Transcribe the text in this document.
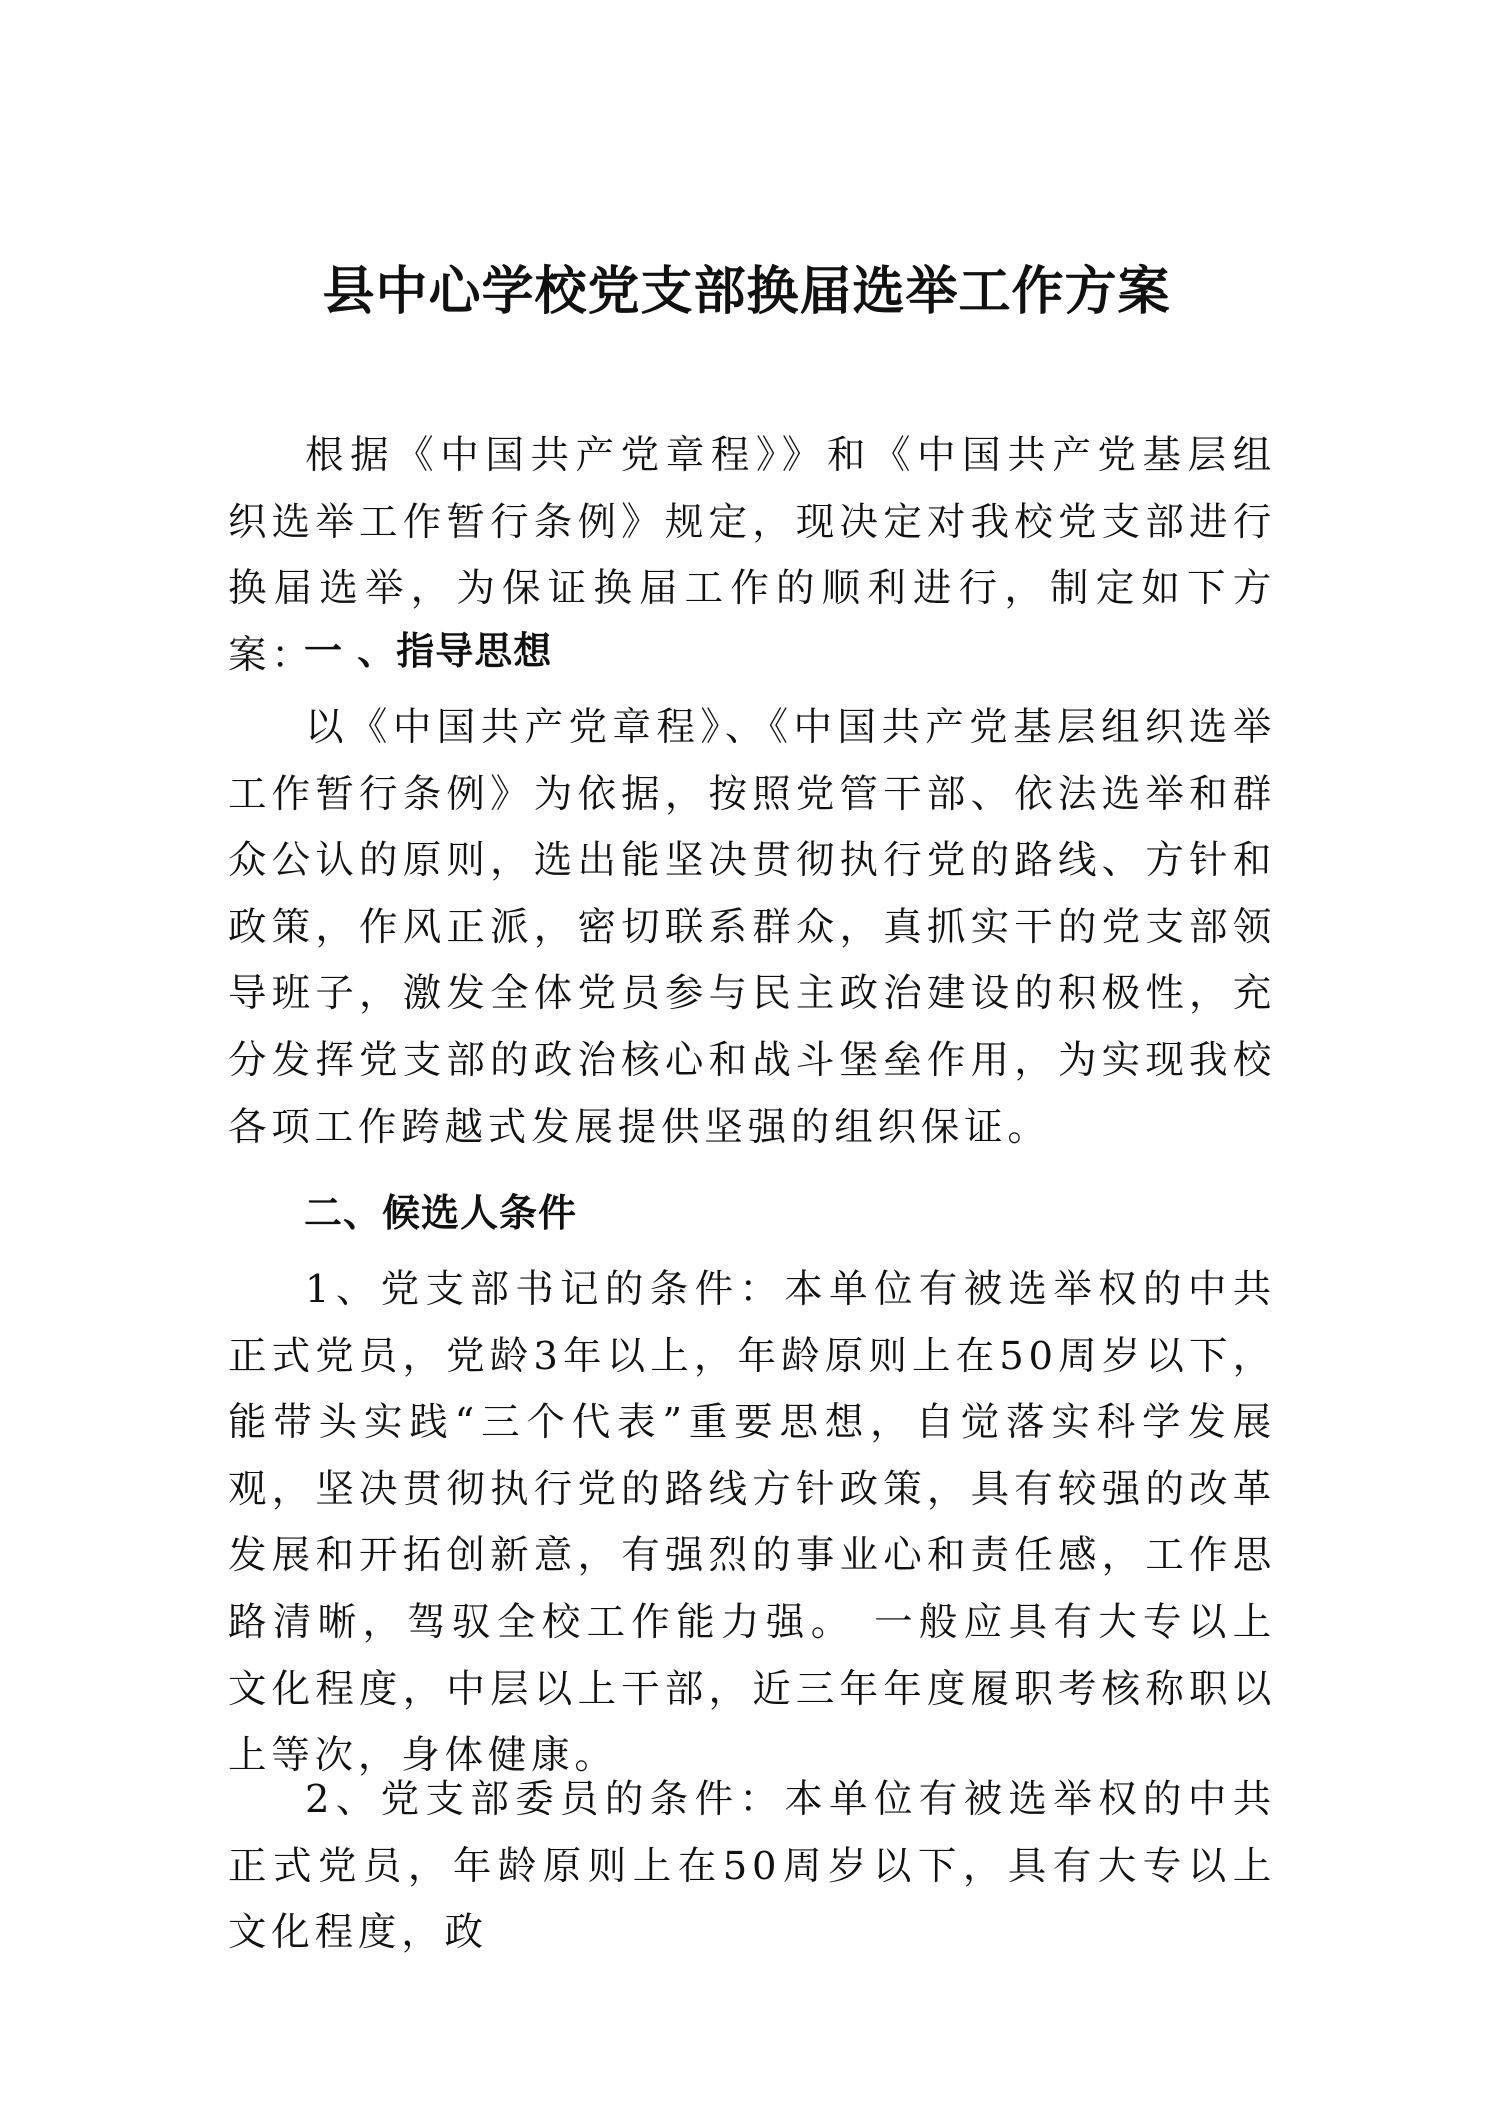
县中心学校党支部换届选举工作方案

根据《中国共产党章程》》和《中国共产党基层组织选举工作暂行条例》规定，现决定对我校党支部进行换届选举，为保证换届工作的顺利进行，制定如下方案：

一 、指导思想

以《中国共产党章程》、《中国共产党基层组织选举工作暂行条例》为依据，按照党管干部、依法选举和群众公认的原则，选出能坚决贯彻执行党的路线、方针和政策，作风正派，密切联系群众，真抓实干的党支部领导班子，激发全体党员参与民主政治建设的积极性，充分发挥党支部的政治核心和战斗堡垒作用，为实现我校各项工作跨越式发展提供坚强的组织保证。

二、候选人条件

1、党支部书记的条件：本单位有被选举权的中共正式党员，党龄3年以上，年龄原则上在50周岁以下，能带头实践“三个代表”重要思想，自觉落实科学发展观，坚决贯彻执行党的路线方针政策，具有较强的改革发展和开拓创新意，有强烈的事业心和责任感，工作思路清晰，驾驭全校工作能力强。 一般应具有大专以上文化程度，中层以上干部，近三年年度履职考核称职以上等次，身体健康。

2、党支部委员的条件：本单位有被选举权的中共正式党员，年龄原则上在50周岁以下，具有大专以上文化程度，政
